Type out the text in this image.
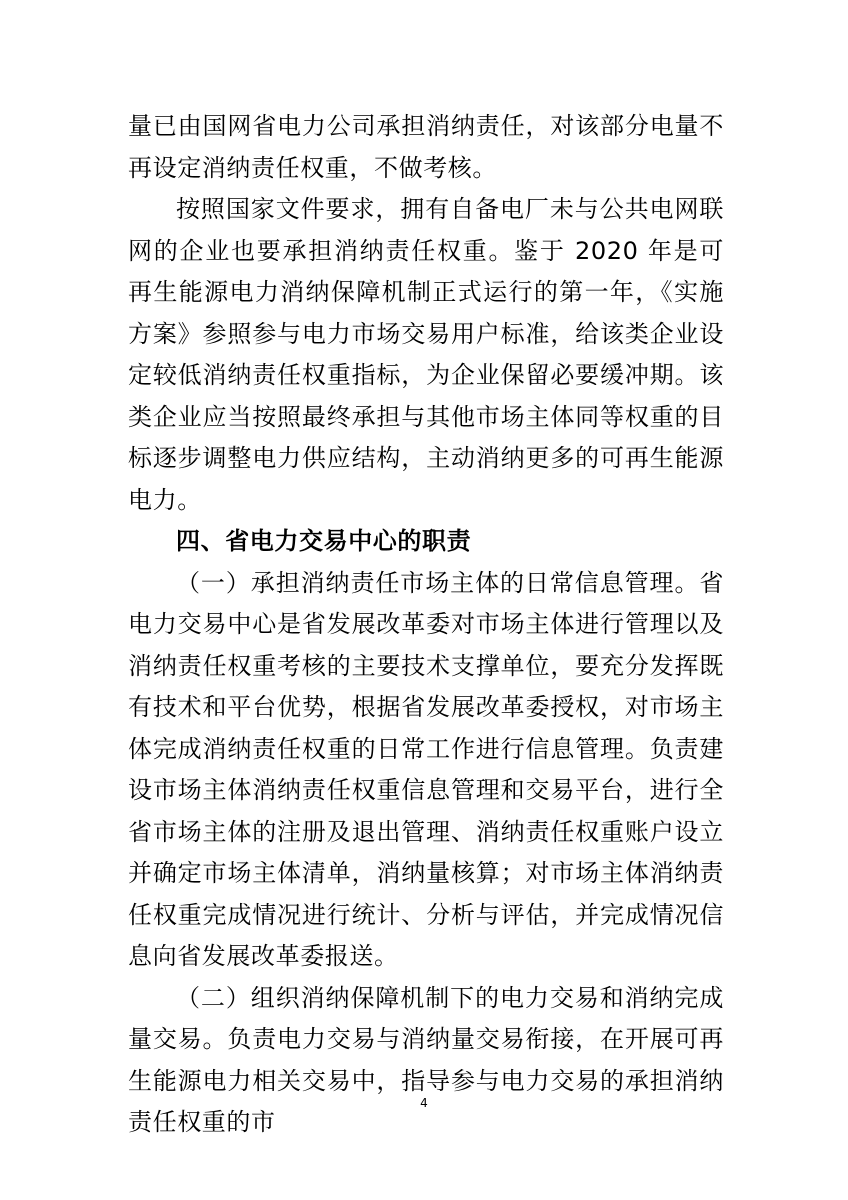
量已由国网省电力公司承担消纳责任，对该部分电量不再设定消纳责任权重，不做考核。

按照国家文件要求，拥有自备电厂未与公共电网联网的企业也要承担消纳责任权重。鉴于 2020 年是可再生能源电力消纳保障机制正式运行的第一年，《实施方案》参照参与电力市场交易用户标准，给该类企业设定较低消纳责任权重指标，为企业保留必要缓冲期。该类企业应当按照最终承担与其他市场主体同等权重的目标逐步调整电力供应结构，主动消纳更多的可再生能源电力。

四、省电力交易中心的职责

（一）承担消纳责任市场主体的日常信息管理。省电力交易中心是省发展改革委对市场主体进行管理以及消纳责任权重考核的主要技术支撑单位，要充分发挥既有技术和平台优势，根据省发展改革委授权，对市场主体完成消纳责任权重的日常工作进行信息管理。负责建设市场主体消纳责任权重信息管理和交易平台，进行全省市场主体的注册及退出管理、消纳责任权重账户设立并确定市场主体清单，消纳量核算；对市场主体消纳责任权重完成情况进行统计、分析与评估，并完成情况信息向省发展改革委报送。

（二）组织消纳保障机制下的电力交易和消纳完成量交易。负责电力交易与消纳量交易衔接，在开展可再生能源电力相关交易中，指导参与电力交易的承担消纳责任权重的市

4
